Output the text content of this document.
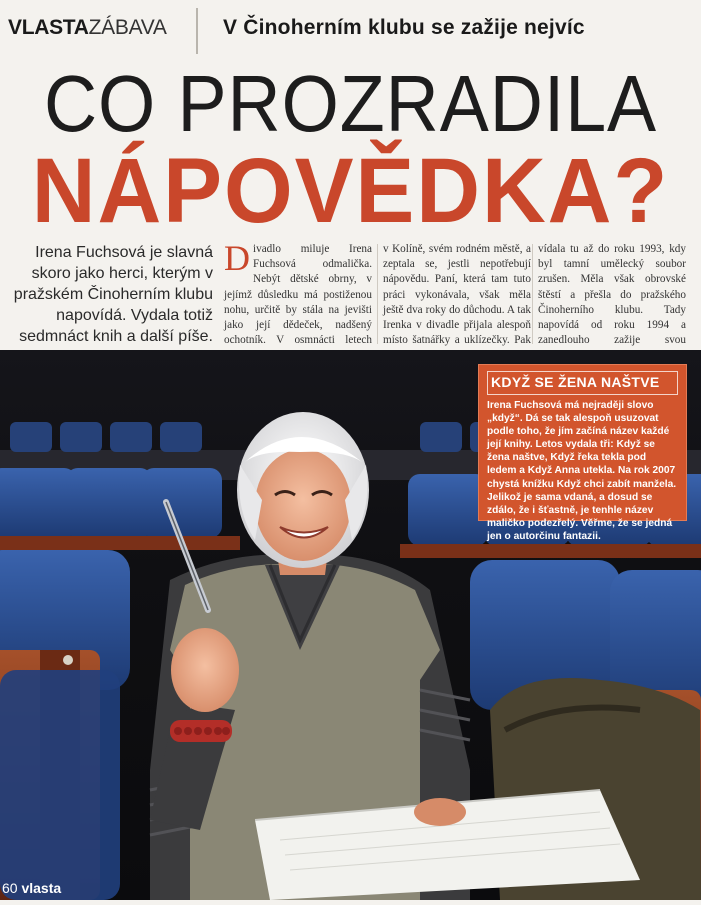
VLASTAZÁBAVA	V Činoherním klubu se zažije nejvíc
CO PROZRADILA
NÁPOVĚDKA?
Irena Fuchsová je slavná skoro jako herci, kterým v pražském Činoherním klubu napovídá. Vydala totiž sedmnáct knih a další píše.
Divadlo miluje Irena Fuchsová odmalička. Nebýt dětské obrny, v jejímž důsledku má postiženou nohu, určitě by stála na jevišti jako její dědeček, nadšený ochotník. V osmnácti letech
v Kolíně, svém rodném městě, a zeptala se, jestli nepotřebují nápovědu. Paní, která tam tuto práci vykonávala, však měla ještě dva roky do důchodu. A tak Irenka v divadle přijala alespoň místo šatnářky a uklízečky. Pak
vídala tu až do roku 1993, kdy byl tamní umělecký soubor zrušen. Měla však obrovské štěstí a přešla do pražského Činoherního klubu. Tady napovídá od roku 1994 a zanedlouho zažije svou
KDYŽ SE ŽENA NAŠTVE
Irena Fuchsová má nejraději slovo „když“. Dá se tak alespoň usuzovat podle toho, že jím začíná název každé její knihy. Letos vydala tři: Když se žena naštve, Když řeka tekla pod ledem a Když Anna utekla. Na rok 2007 chystá knížku Když chci zabít manžela. Jelikož je sama vdaná, a dosud se zdálo, že i šťastně, je tenhle název maličko podezřelý. Věřme, že se jedná jen o autorčinu fantazii.
60 vlasta
